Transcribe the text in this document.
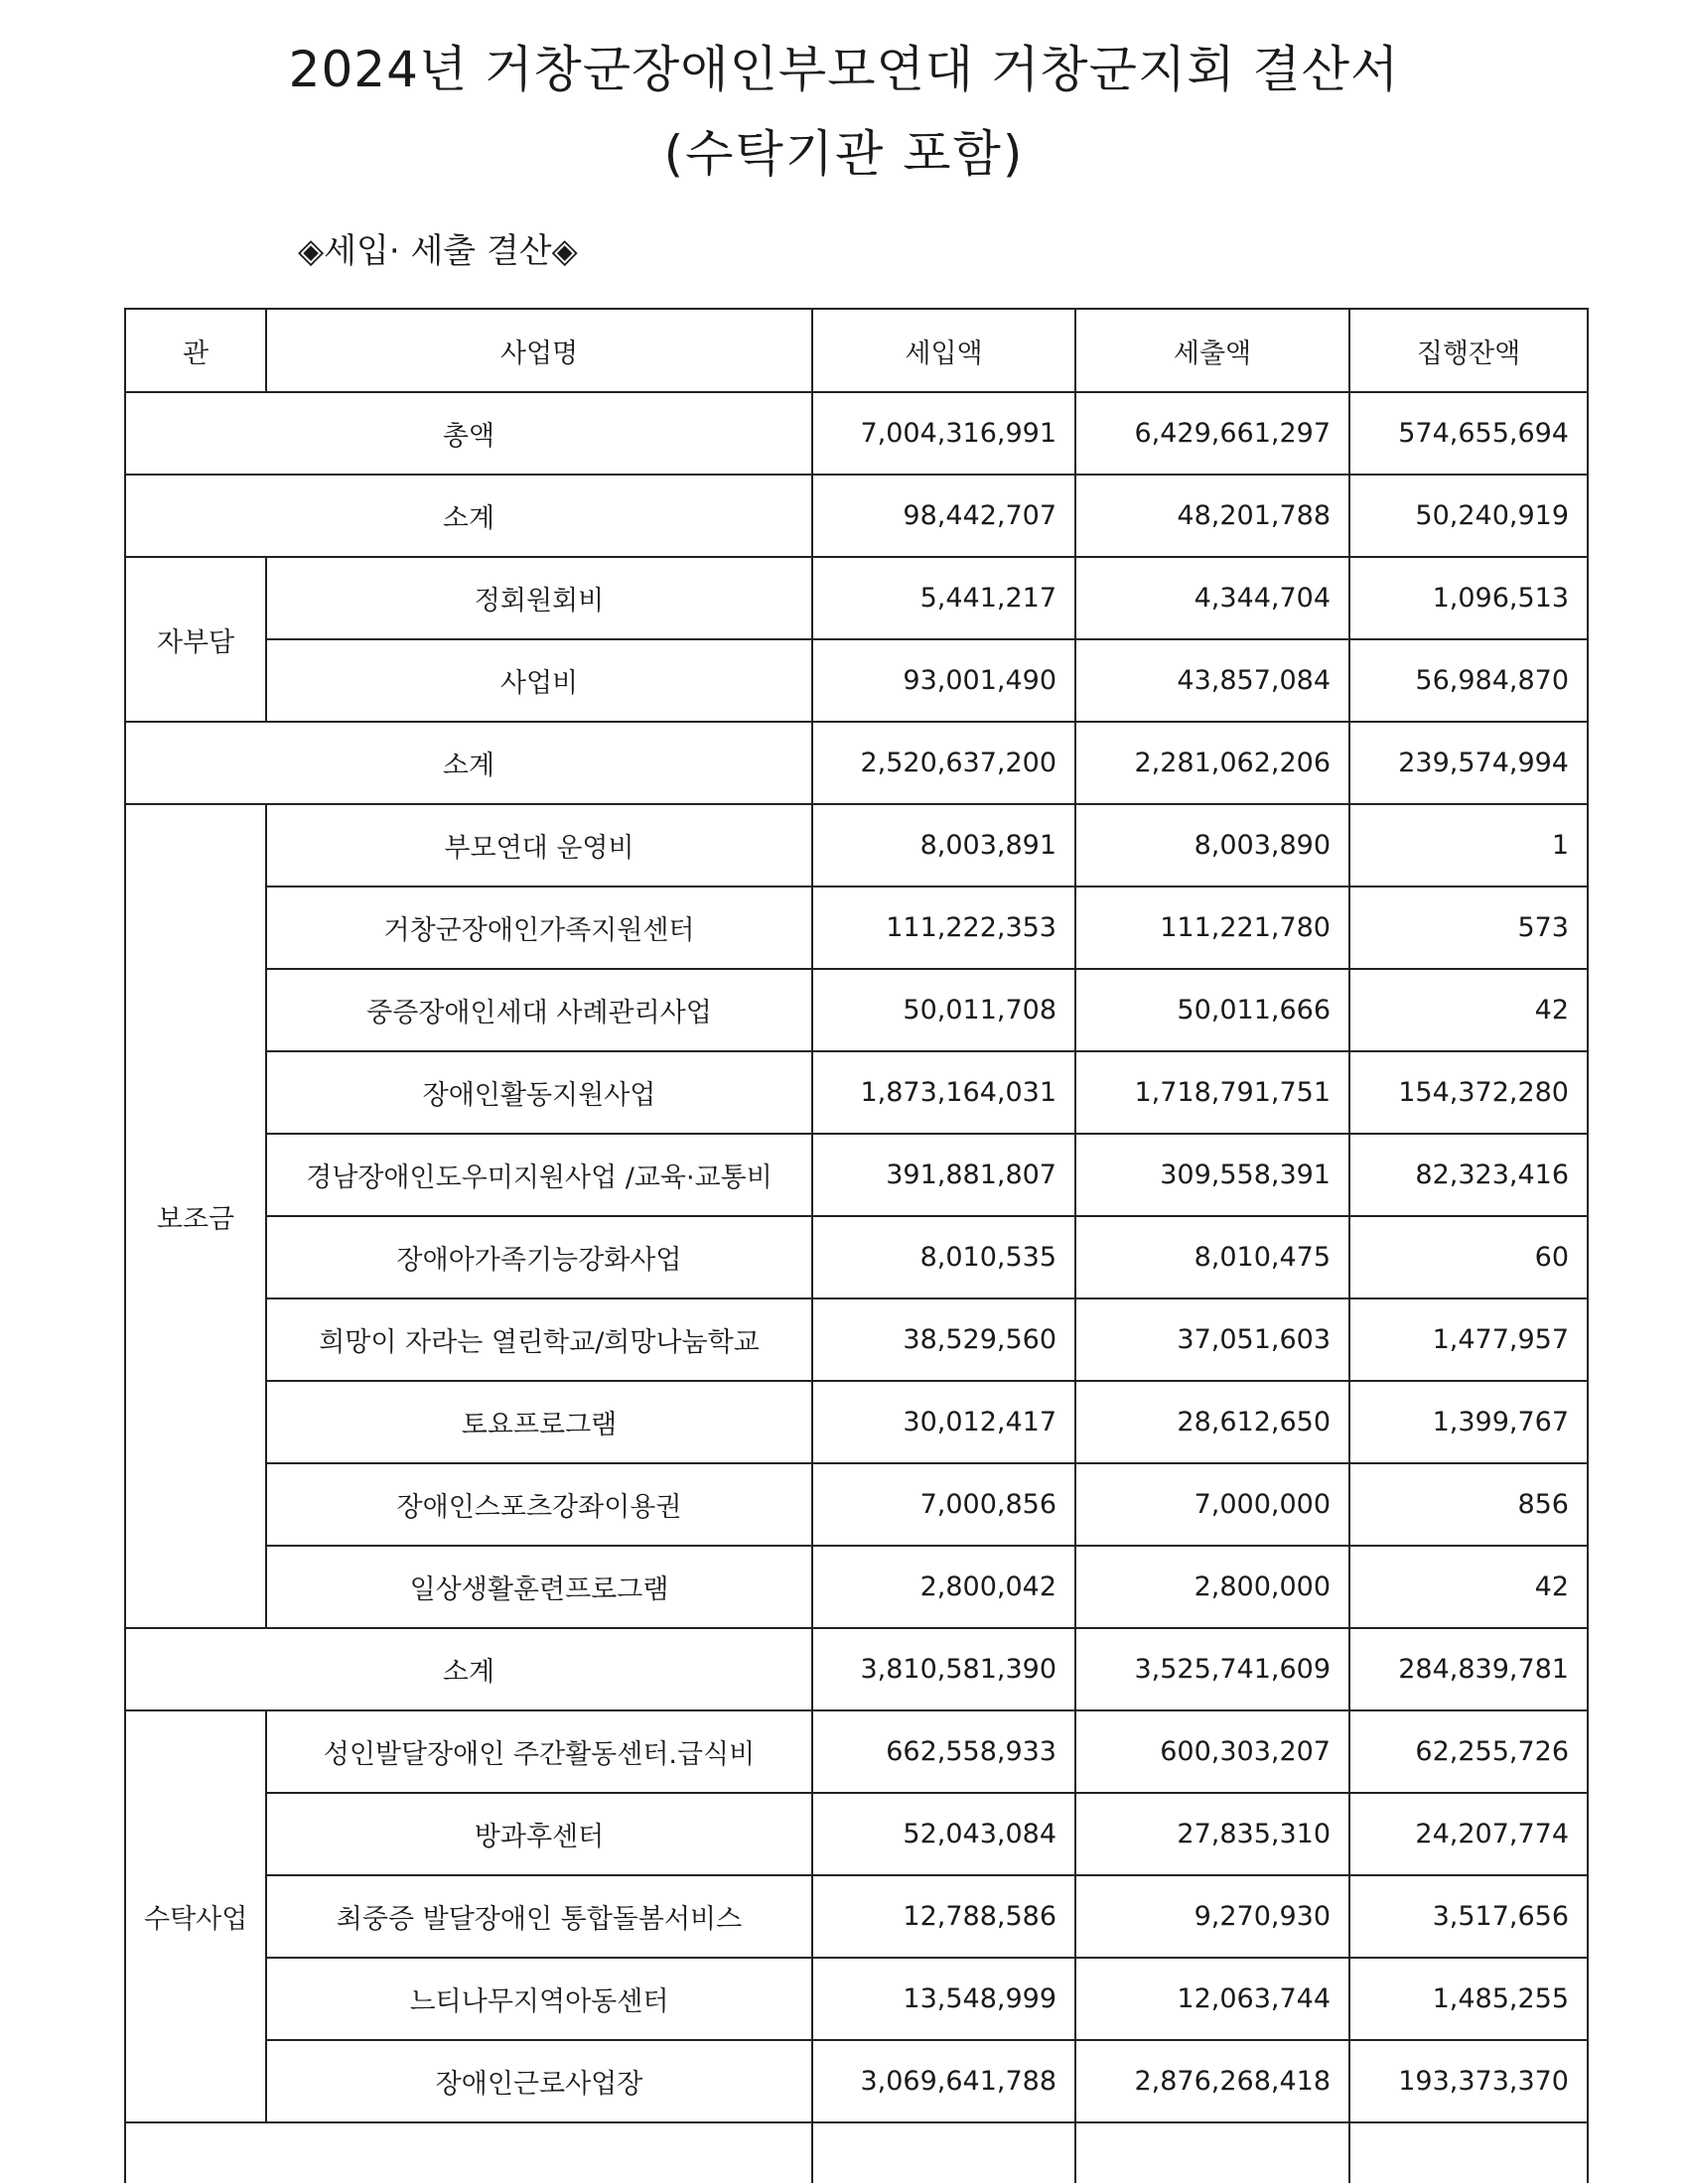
2024년 거창군장애인부모연대 거창군지회 결산서
(수탁기관 포함)
◈세입· 세출 결산◈
관	사업명	세입액	세출액	집행잔액
총액		7,004,316,991	6,429,661,297	574,655,694
소계		98,442,707	48,201,788	50,240,919
자부담	정회원회비	5,441,217	4,344,704	1,096,513
	사업비	93,001,490	43,857,084	56,984,870
소계		2,520,637,200	2,281,062,206	239,574,994
보조금	부모연대 운영비	8,003,891	8,003,890	1
	거창군장애인가족지원센터	111,222,353	111,221,780	573
	중증장애인세대 사례관리사업	50,011,708	50,011,666	42
	장애인활동지원사업	1,873,164,031	1,718,791,751	154,372,280
	경남장애인도우미지원사업 /교육·교통비	391,881,807	309,558,391	82,323,416
	장애아가족기능강화사업	8,010,535	8,010,475	60
	희망이 자라는 열린학교/희망나눔학교	38,529,560	37,051,603	1,477,957
	토요프로그램	30,012,417	28,612,650	1,399,767
	장애인스포츠강좌이용권	7,000,856	7,000,000	856
	일상생활훈련프로그램	2,800,042	2,800,000	42
소계		3,810,581,390	3,525,741,609	284,839,781
수탁사업	성인발달장애인 주간활동센터.급식비	662,558,933	600,303,207	62,255,726
	방과후센터	52,043,084	27,835,310	24,207,774
	최중증 발달장애인 통합돌봄서비스	12,788,586	9,270,930	3,517,656
	느티나무지역아동센터	13,548,999	12,063,744	1,485,255
	장애인근로사업장	3,069,641,788	2,876,268,418	193,373,370
